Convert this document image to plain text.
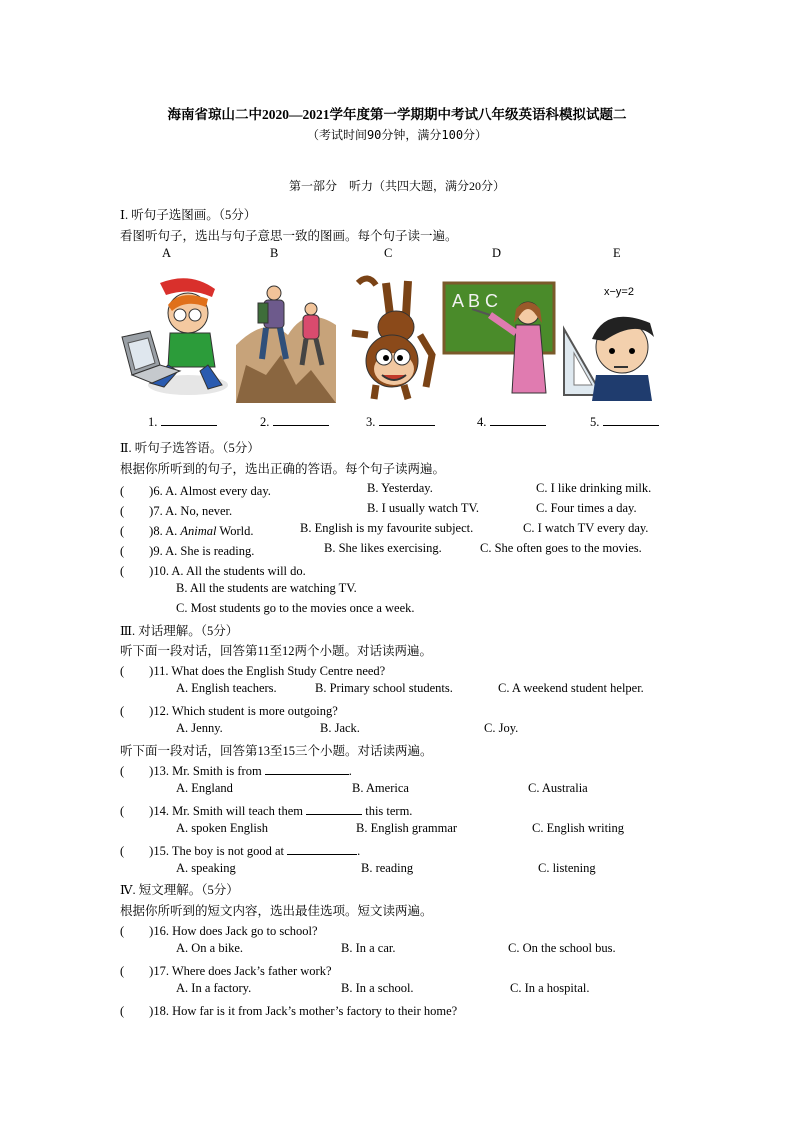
海南省琼山二中2020—2021学年度第一学期期中考试八年级英语科模拟试题二
（考试时间90分钟，满分100分）
第一部分　听力（共四大题，满分20分）
Ⅰ. 听句子选图画。（5分）
看图听句子，选出与句子意思一致的图画。每个句子读一遍。
A	B	C	D	E
A B C	x−y=2
1.	2.	3.	4.	5.
Ⅱ. 听句子选答语。（5分）
根据你所听到的句子，选出正确的答语。每个句子读两遍。
(　　)6. A. Almost every day.	B. Yesterday.	C. I like drinking milk.
(　　)7. A. No, never.	B. I usually watch TV.	C. Four times a day.
(　　)8. A. Animal World.	B. English is my favourite subject.	C. I watch TV every day.
(　　)9. A. She is reading.	B. She likes exercising.	C. She often goes to the movies.
(　　)10. A. All the students will do.
B. All the students are watching TV.
C. Most students go to the movies once a week.
Ⅲ. 对话理解。（5分）
听下面一段对话，回答第11至12两个小题。对话读两遍。
(　　)11. What does the English Study Centre need?
A. English teachers.	B. Primary school students.	C. A weekend student helper.
(　　)12. Which student is more outgoing?
A. Jenny.	B. Jack.	C. Joy.
听下面一段对话，回答第13至15三个小题。对话读两遍。
(　　)13. Mr. Smith is from	.
A. England	B. America	C. Australia
(　　)14. Mr. Smith will teach them	this term.
A. spoken English	B. English grammar	C. English writing
(　　)15. The boy is not good at	.
A. speaking	B. reading	C. listening
Ⅳ. 短文理解。（5分）
根据你所听到的短文内容，选出最佳选项。短文读两遍。
(　　)16. How does Jack go to school?
A. On a bike.	B. In a car.	C. On the school bus.
(　　)17. Where does Jack’s father work?
A. In a factory.	B. In a school.	C. In a hospital.
(　　)18. How far is it from Jack’s mother’s factory to their home?
